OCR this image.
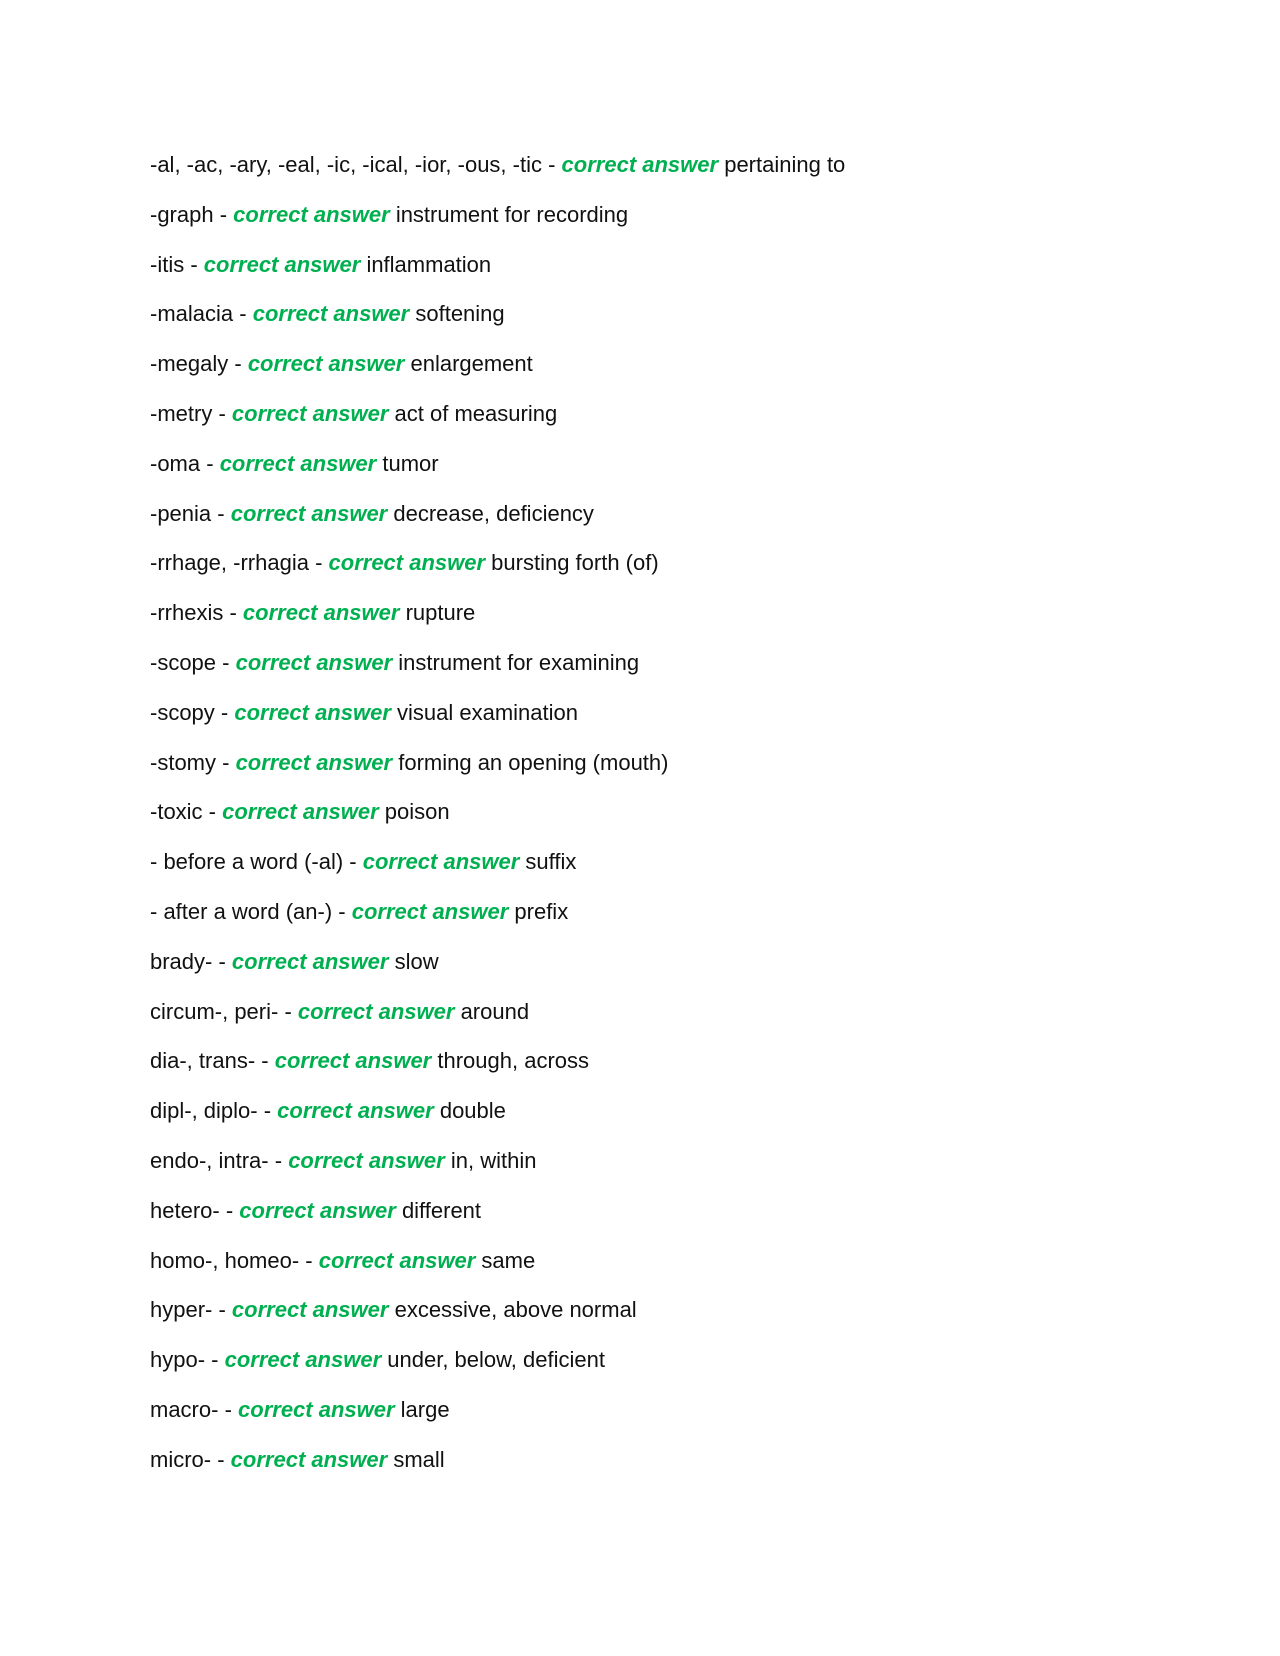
-al, -ac, -ary, -eal, -ic, -ical, -ior, -ous, -tic - correct answer pertaining to
-graph - correct answer instrument for recording
-itis - correct answer inflammation
-malacia - correct answer softening
-megaly - correct answer enlargement
-metry - correct answer act of measuring
-oma - correct answer tumor
-penia - correct answer decrease, deficiency
-rrhage, -rrhagia - correct answer bursting forth (of)
-rrhexis - correct answer rupture
-scope - correct answer instrument for examining
-scopy - correct answer visual examination
-stomy - correct answer forming an opening (mouth)
-toxic - correct answer poison
- before a word (-al) - correct answer suffix
- after a word (an-) - correct answer prefix
brady- - correct answer slow
circum-, peri- - correct answer around
dia-, trans- - correct answer through, across
dipl-, diplo- - correct answer double
endo-, intra- - correct answer in, within
hetero- - correct answer different
homo-, homeo- - correct answer same
hyper- - correct answer excessive, above normal
hypo- - correct answer under, below, deficient
macro- - correct answer large
micro- - correct answer small
